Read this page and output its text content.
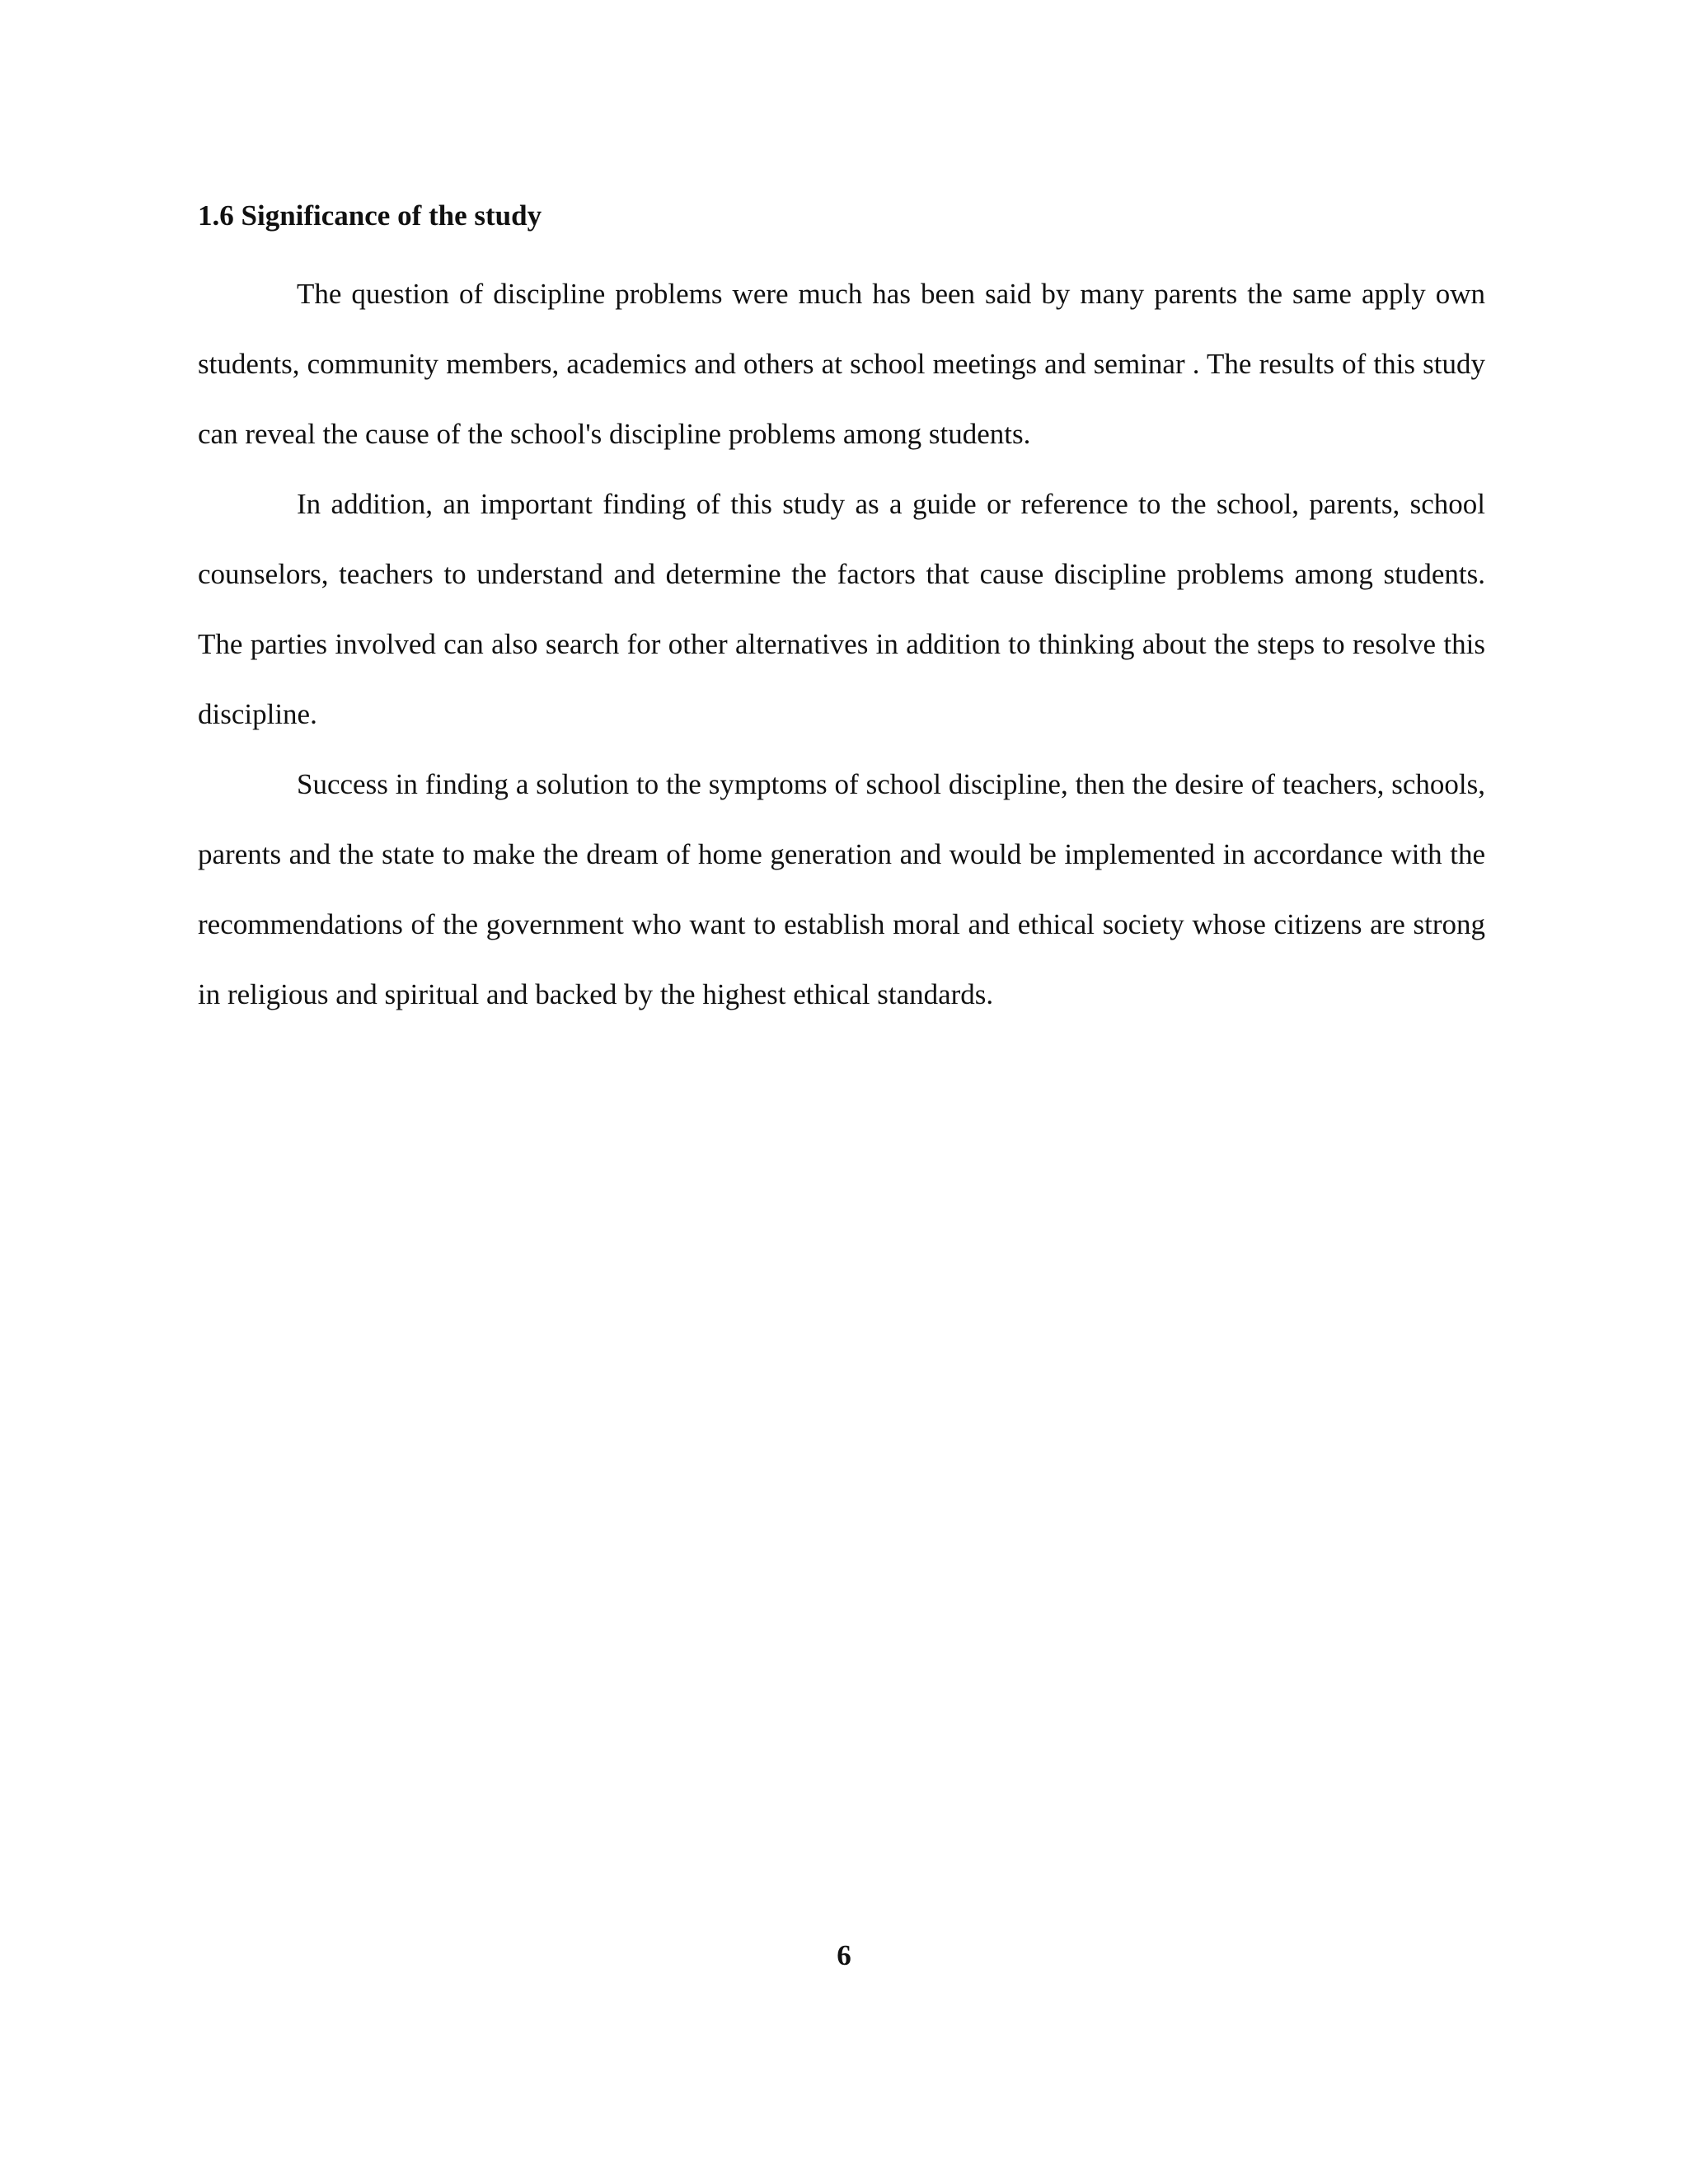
1.6 Significance of the study

The question of discipline problems were much has been said by many parents the same apply own students, community members, academics and others at school meetings and seminar . The results of this study can reveal the cause of the school's discipline problems among students.

In addition, an important finding of this study as a guide or reference to the school, parents, school counselors, teachers to understand and determine the factors that cause discipline problems among students. The parties involved can also search for other alternatives in addition to thinking about the steps to resolve this discipline.

Success in finding a solution to the symptoms of school discipline, then the desire of teachers, schools, parents and the state to make the dream of home generation and would be implemented in accordance with the recommendations of the government who want to establish moral and ethical society whose citizens are strong in religious and spiritual and backed by the highest ethical standards.

6
